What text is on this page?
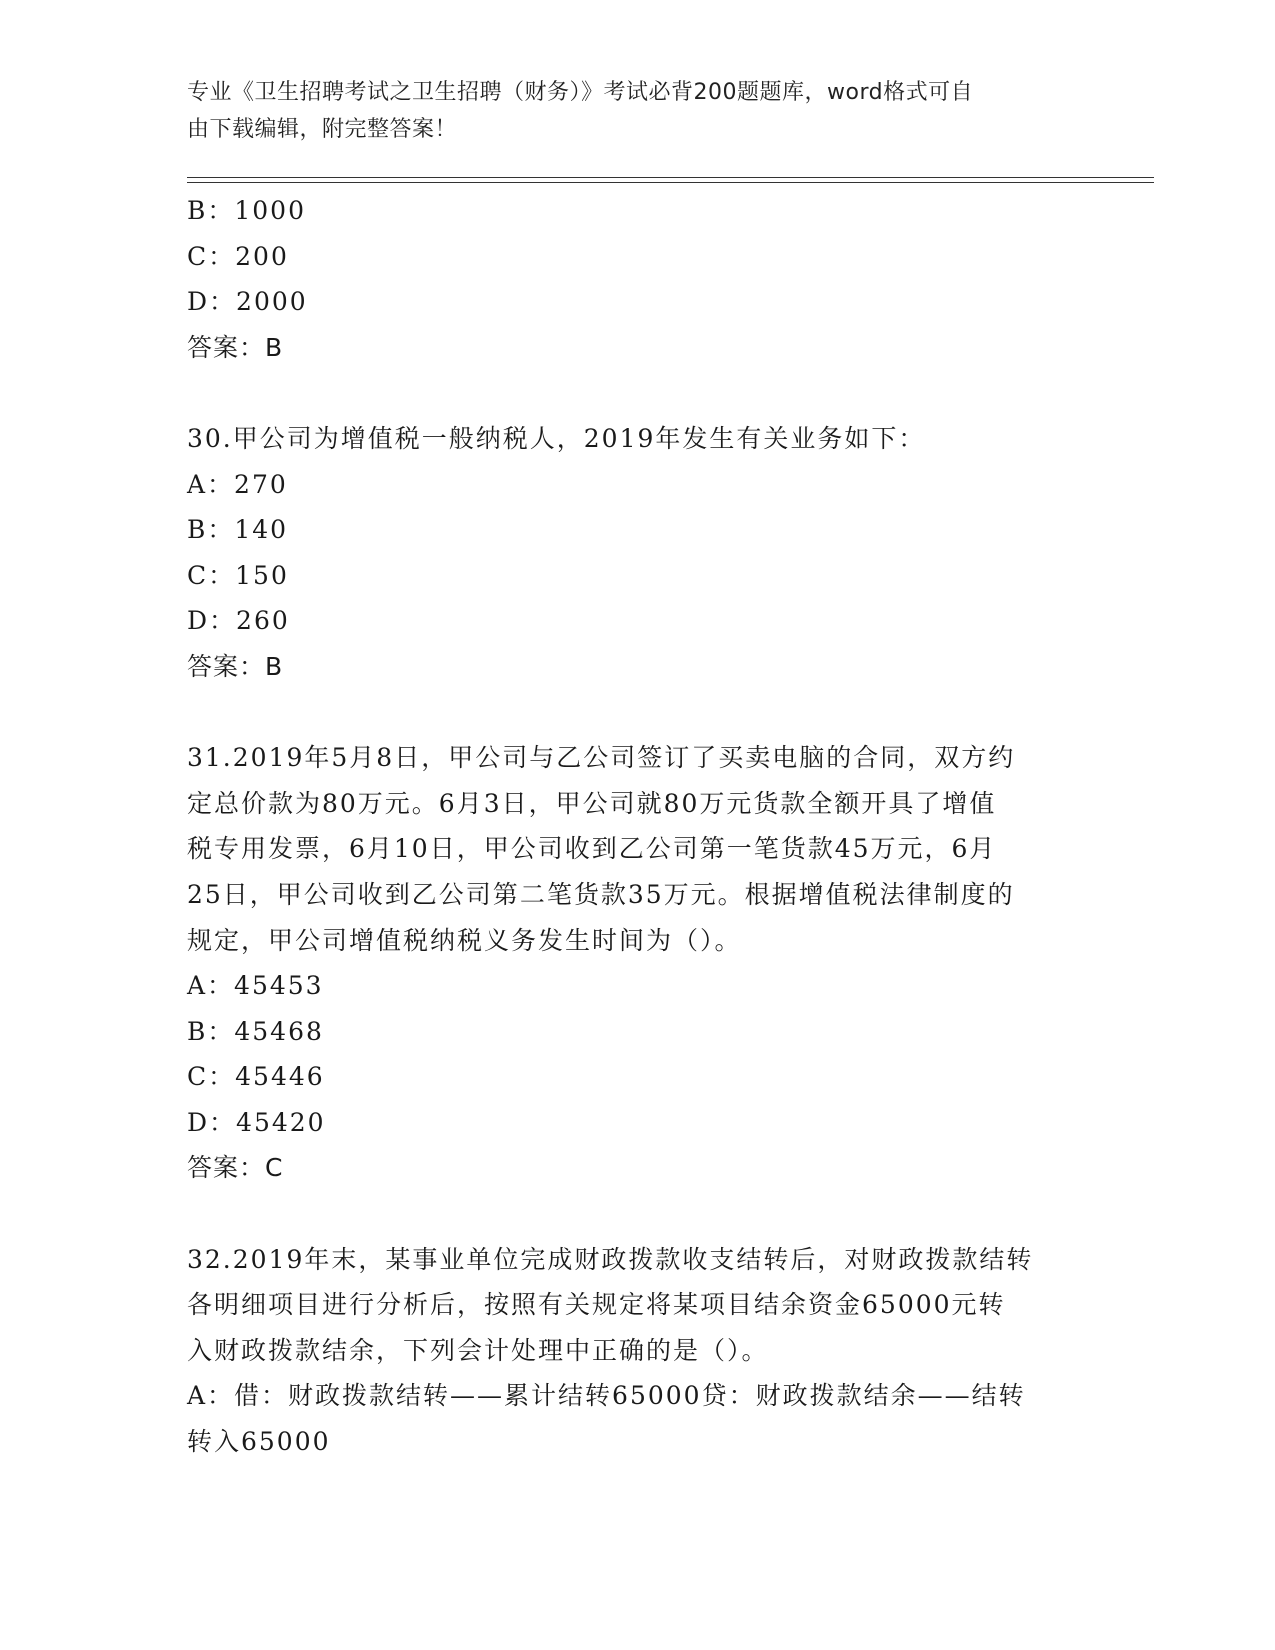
专业《卫生招聘考试之卫生招聘（财务）》考试必背200题题库，word格式可自
由下载编辑，附完整答案！
B：1000
C：200
D：2000
答案：B
30.甲公司为增值税一般纳税人，2019年发生有关业务如下：
A：270
B：140
C：150
D：260
答案：B
31.2019年5月8日，甲公司与乙公司签订了买卖电脑的合同，双方约
定总价款为80万元。6月3日，甲公司就80万元货款全额开具了增值
税专用发票，6月10日，甲公司收到乙公司第一笔货款45万元，6月
25日，甲公司收到乙公司第二笔货款35万元。根据增值税法律制度的
规定，甲公司增值税纳税义务发生时间为（）。
A：45453
B：45468
C：45446
D：45420
答案：C
32.2019年末，某事业单位完成财政拨款收支结转后，对财政拨款结转
各明细项目进行分析后，按照有关规定将某项目结余资金65000元转
入财政拨款结余，下列会计处理中正确的是（）。
A：借：财政拨款结转——累计结转65000贷：财政拨款结余——结转
转入65000
